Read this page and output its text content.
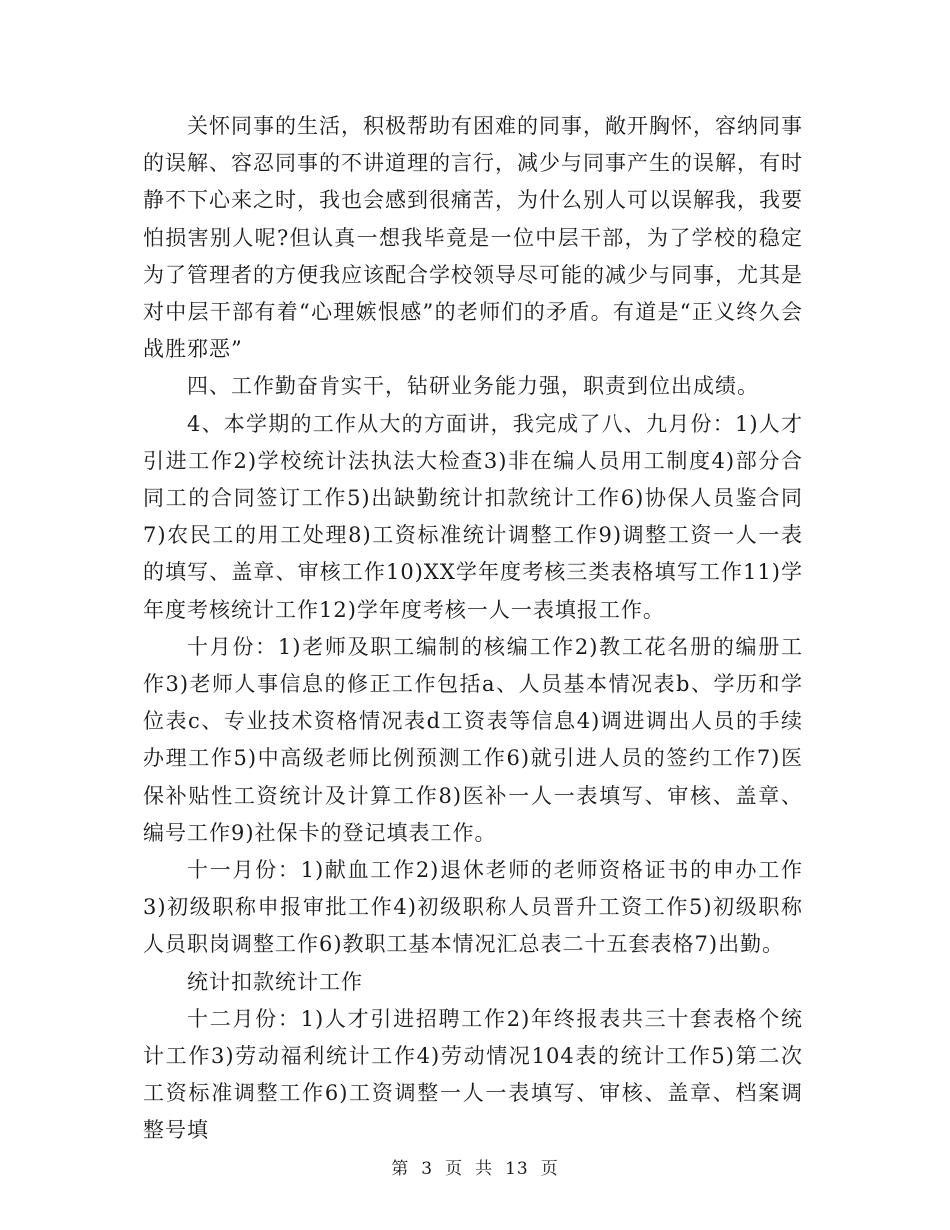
关怀同事的生活，积极帮助有困难的同事，敞开胸怀，容纳同事的误解、容忍同事的不讲道理的言行，减少与同事产生的误解，有时静不下心来之时，我也会感到很痛苦，为什么别人可以误解我，我要怕损害别人呢?但认真一想我毕竟是一位中层干部，为了学校的稳定为了管理者的方便我应该配合学校领导尽可能的减少与同事，尤其是对中层干部有着“心理嫉恨感”的老师们的矛盾。有道是“正义终久会战胜邪恶”

四、工作勤奋肯实干，钻研业务能力强，职责到位出成绩。

4、本学期的工作从大的方面讲，我完成了八、九月份：1)人才引进工作2)学校统计法执法大检查3)非在编人员用工制度4)部分合同工的合同签订工作5)出缺勤统计扣款统计工作6)协保人员鉴合同7)农民工的用工处理8)工资标准统计调整工作9)调整工资一人一表的填写、盖章、审核工作10)XX学年度考核三类表格填写工作11)学年度考核统计工作12)学年度考核一人一表填报工作。

十月份：1)老师及职工编制的核编工作2)教工花名册的编册工作3)老师人事信息的修正工作包括a、人员基本情况表b、学历和学位表c、专业技术资格情况表d工资表等信息4)调进调出人员的手续办理工作5)中高级老师比例预测工作6)就引进人员的签约工作7)医保补贴性工资统计及计算工作8)医补一人一表填写、审核、盖章、编号工作9)社保卡的登记填表工作。

十一月份：1)献血工作2)退休老师的老师资格证书的申办工作3)初级职称申报审批工作4)初级职称人员晋升工资工作5)初级职称人员职岗调整工作6)教职工基本情况汇总表二十五套表格7)出勤。

统计扣款统计工作

十二月份：1)人才引进招聘工作2)年终报表共三十套表格个统计工作3)劳动福利统计工作4)劳动情况104表的统计工作5)第二次工资标准调整工作6)工资调整一人一表填写、审核、盖章、档案调整号填

第 3 页 共 13 页
